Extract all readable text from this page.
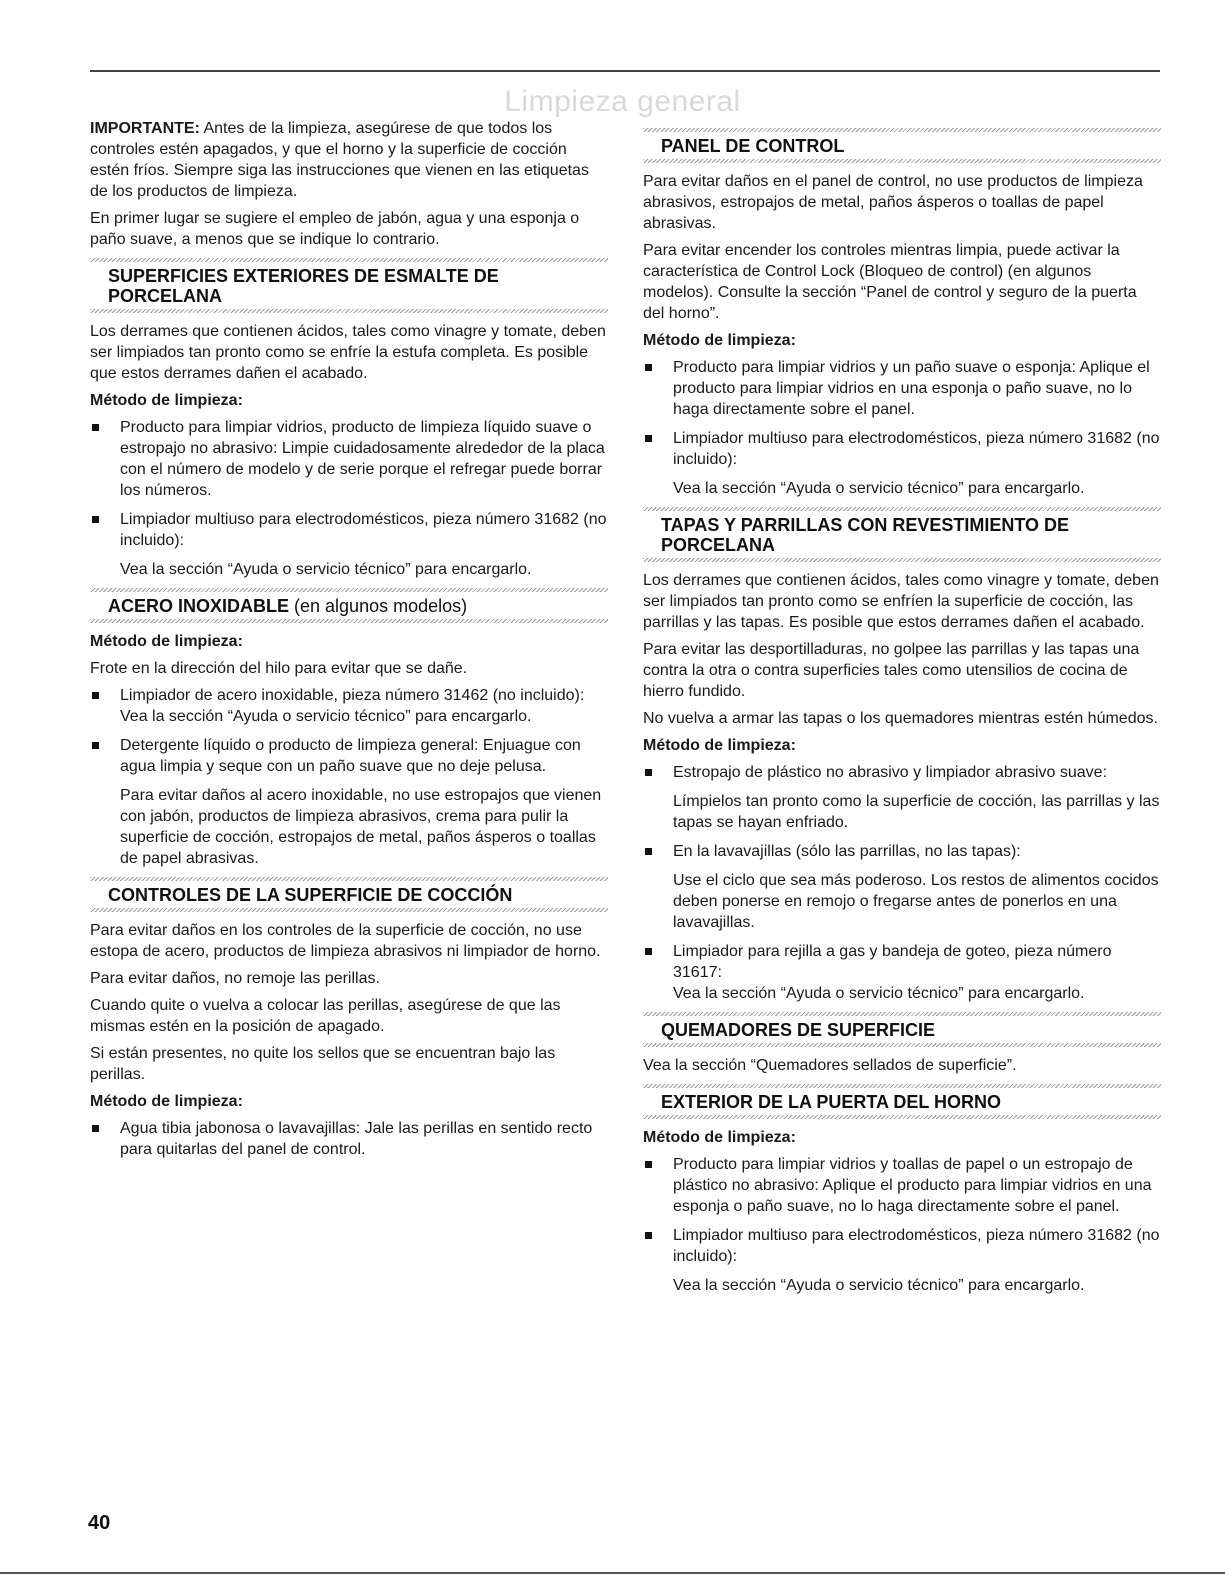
Limpieza general

IMPORTANTE: Antes de la limpieza, asegúrese de que todos los controles estén apagados, y que el horno y la superficie de cocción estén fríos. Siempre siga las instrucciones que vienen en las etiquetas de los productos de limpieza.

En primer lugar se sugiere el empleo de jabón, agua y una esponja o paño suave, a menos que se indique lo contrario.

SUPERFICIES EXTERIORES DE ESMALTE DE PORCELANA

Los derrames que contienen ácidos, tales como vinagre y tomate, deben ser limpiados tan pronto como se enfríe la estufa completa. Es posible que estos derrames dañen el acabado.

Método de limpieza:
Producto para limpiar vidrios, producto de limpieza líquido suave o estropajo no abrasivo: Limpie cuidadosamente alrededor de la placa con el número de modelo y de serie porque el refregar puede borrar los números.
Limpiador multiuso para electrodomésticos, pieza número 31682 (no incluido):
Vea la sección “Ayuda o servicio técnico” para encargarlo.
ACERO INOXIDABLE (en algunos modelos)
Método de limpieza:

Frote en la dirección del hilo para evitar que se dañe.

Limpiador de acero inoxidable, pieza número 31462 (no incluido): Vea la sección “Ayuda o servicio técnico” para encargarlo.
Detergente líquido o producto de limpieza general: Enjuague con agua limpia y seque con un paño suave que no deje pelusa.
Para evitar daños al acero inoxidable, no use estropajos que vienen con jabón, productos de limpieza abrasivos, crema para pulir la superficie de cocción, estropajos de metal, paños ásperos o toallas de papel abrasivas.
CONTROLES DE LA SUPERFICIE DE COCCIÓN

Para evitar daños en los controles de la superficie de cocción, no use estopa de acero, productos de limpieza abrasivos ni limpiador de horno.

Para evitar daños, no remoje las perillas.

Cuando quite o vuelva a colocar las perillas, asegúrese de que las mismas estén en la posición de apagado.

Si están presentes, no quite los sellos que se encuentran bajo las perillas.

Método de limpieza:
Agua tibia jabonosa o lavavajillas: Jale las perillas en sentido recto para quitarlas del panel de control.
PANEL DE CONTROL

Para evitar daños en el panel de control, no use productos de limpieza abrasivos, estropajos de metal, paños ásperos o toallas de papel abrasivas.

Para evitar encender los controles mientras limpia, puede activar la característica de Control Lock (Bloqueo de control) (en algunos modelos). Consulte la sección “Panel de control y seguro de la puerta del horno”.

Método de limpieza:
Producto para limpiar vidrios y un paño suave o esponja: Aplique el producto para limpiar vidrios en una esponja o paño suave, no lo haga directamente sobre el panel.
Limpiador multiuso para electrodomésticos, pieza número 31682 (no incluido):
Vea la sección “Ayuda o servicio técnico” para encargarlo.
TAPAS Y PARRILLAS CON REVESTIMIENTO DE PORCELANA

Los derrames que contienen ácidos, tales como vinagre y tomate, deben ser limpiados tan pronto como se enfríen la superficie de cocción, las parrillas y las tapas. Es posible que estos derrames dañen el acabado.

Para evitar las desportilladuras, no golpee las parrillas y las tapas una contra la otra o contra superficies tales como utensilios de cocina de hierro fundido.

No vuelva a armar las tapas o los quemadores mientras estén húmedos.

Método de limpieza:
Estropajo de plástico no abrasivo y limpiador abrasivo suave:
Límpielos tan pronto como la superficie de cocción, las parrillas y las tapas se hayan enfriado.
En la lavavajillas (sólo las parrillas, no las tapas):
Use el ciclo que sea más poderoso. Los restos de alimentos cocidos deben ponerse en remojo o fregarse antes de ponerlos en una lavavajillas.
Limpiador para rejilla a gas y bandeja de goteo, pieza número 31617:
Vea la sección “Ayuda o servicio técnico” para encargarlo.
QUEMADORES DE SUPERFICIE

Vea la sección “Quemadores sellados de superficie”.

EXTERIOR DE LA PUERTA DEL HORNO
Método de limpieza:
Producto para limpiar vidrios y toallas de papel o un estropajo de plástico no abrasivo: Aplique el producto para limpiar vidrios en una esponja o paño suave, no lo haga directamente sobre el panel.
Limpiador multiuso para electrodomésticos, pieza número 31682 (no incluido):
Vea la sección “Ayuda o servicio técnico” para encargarlo.
40
